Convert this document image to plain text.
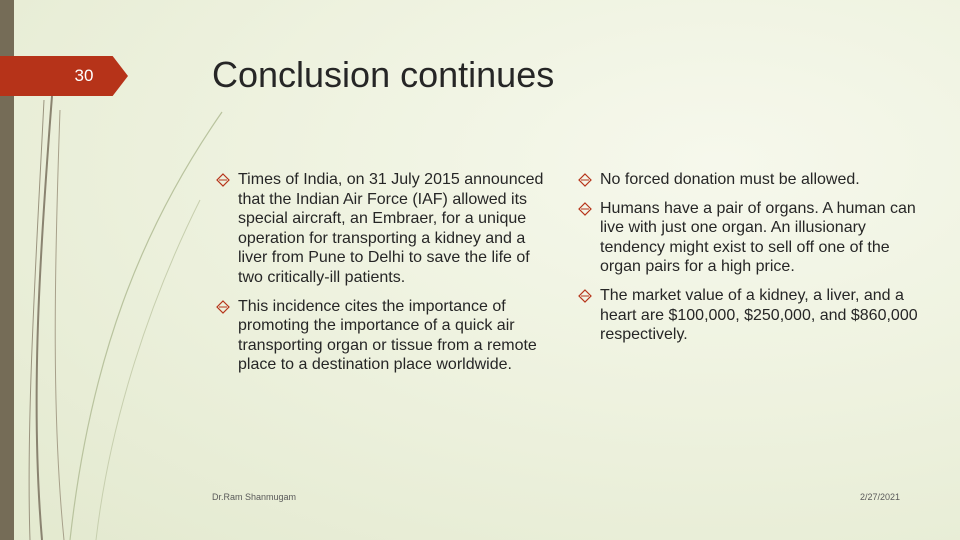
30	Conclusion continues
Times of India, on 31 July 2015 announced that the Indian Air Force (IAF) allowed its special aircraft, an Embraer, for a unique operation for transporting a kidney and a liver from Pune to Delhi to save the life of two critically-ill patients.
This incidence cites the importance of promoting the importance of a quick air transporting organ or tissue from a remote place to a destination place worldwide.
No forced donation must be allowed.
Humans have a pair of organs. A human can live with just one organ. An illusionary tendency might exist to sell off one of the organ pairs for a high price.
The market value of a kidney, a liver, and a heart are $100,000, $250,000, and $860,000 respectively.
Dr.Ram Shanmugam	2/27/2021
